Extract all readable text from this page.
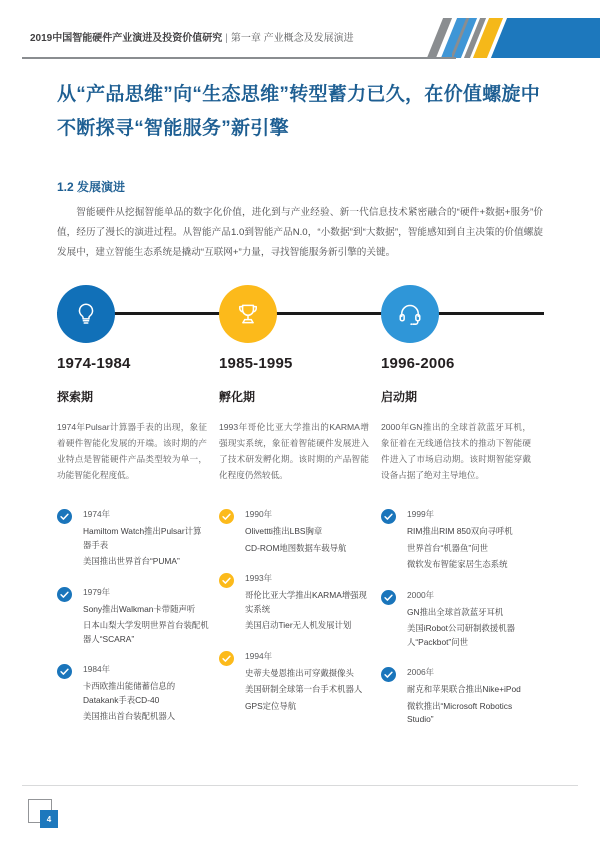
2019中国智能硬件产业演进及投资价值研究 | 第一章 产业概念及发展演进
从“产品思维”向“生态思维”转型蓄力已久，在价值螺旋中不断探寻“智能服务”新引擎
1.2 发展演进
智能硬件从挖掘智能单品的数字化价值，进化到与产业经验、新一代信息技术紧密融合的“硬件+数据+服务”价值，经历了漫长的演进过程。从智能产品1.0到智能产品N.0，“小数据”到“大数据”，智能感知到自主决策的价值螺旋发展中，建立智能生态系统是撬动“互联网+”力量，寻找智能服务新引擎的关键。
1974-1984
探索期
1974年Pulsar计算器手表的出现，象征着硬件智能化发展的开端。该时期的产业特点是智能硬件产品类型较为单一，功能智能化程度低。
1985-1995
孵化期
1993年哥伦比亚大学推出的KARMA增强现实系统，象征着智能硬件发展进入了技术研发孵化期。该时期的产品智能化程度仍然较低。
1996-2006
启动期
2000年GN推出的全球首款蓝牙耳机，象征着在无线通信技术的推动下智能硬件进入了市场启动期。该时期智能穿戴设备占据了绝对主导地位。
1974年
Hamiltom Watch推出Pulsar计算器手表
美国推出世界首台“PUMA”
1979年
Sony推出Walkman卡带随声听
日本山梨大学发明世界首台装配机器人“SCARA”
1984年
卡西欧推出能储蓄信息的Datakank手表CD-40
美国推出首台装配机器人
1990年
Olivettti推出LBS胸章
CD-ROM地图数据车载导航
1993年
哥伦比亚大学推出KARMA增强现实系统
美国启动Tier无人机发展计划
1994年
史蒂夫曼恩推出可穿戴摄像头
美国研制全球第一台手术机器人
GPS定位导航
1999年
RIM推出RIM 850双向寻呼机
世界首台“机器鱼”问世
微软发布智能家居生态系统
2000年
GN推出全球首款蓝牙耳机
美国iRobot公司研制救援机器人“Packbot”问世
2006年
耐克和苹果联合推出Nike+iPod
微软推出“Microsoft Robotics Studio”
4
